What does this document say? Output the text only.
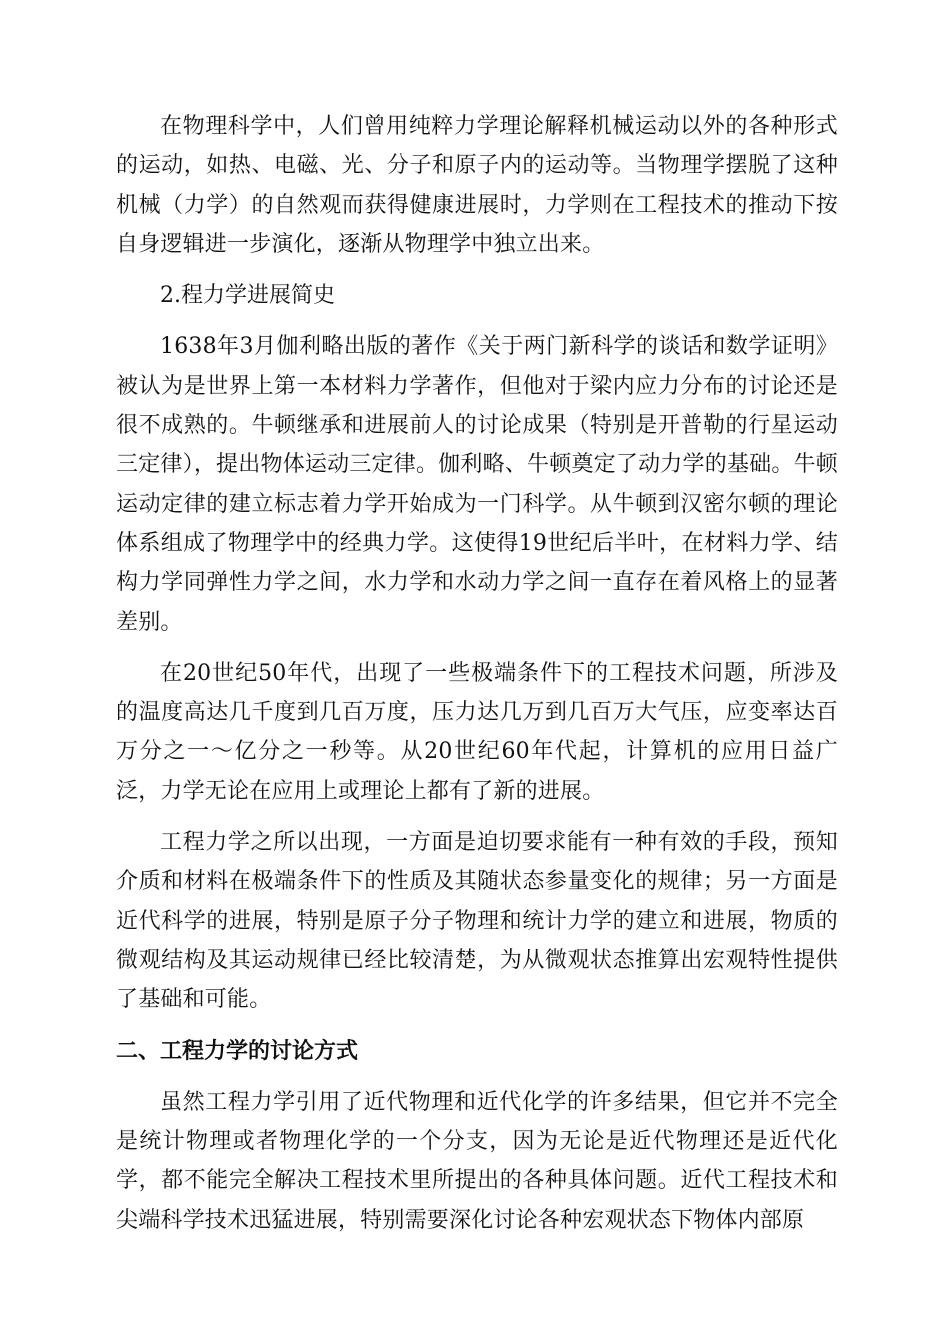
在物理科学中，人们曾用纯粹力学理论解释机械运动以外的各种形式的运动，如热、电磁、光、分子和原子内的运动等。当物理学摆脱了这种机械（力学）的自然观而获得健康进展时，力学则在工程技术的推动下按自身逻辑进一步演化，逐渐从物理学中独立出来。

2.程力学进展简史

1638年3月伽利略出版的著作《关于两门新科学的谈话和数学证明》被认为是世界上第一本材料力学著作，但他对于梁内应力分布的讨论还是很不成熟的。牛顿继承和进展前人的讨论成果（特别是开普勒的行星运动三定律），提出物体运动三定律。伽利略、牛顿奠定了动力学的基础。牛顿运动定律的建立标志着力学开始成为一门科学。从牛顿到汉密尔顿的理论体系组成了物理学中的经典力学。这使得19世纪后半叶，在材料力学、结构力学同弹性力学之间，水力学和水动力学之间一直存在着风格上的显著差别。

在20世纪50年代，出现了一些极端条件下的工程技术问题，所涉及的温度高达几千度到几百万度，压力达几万到几百万大气压，应变率达百万分之一～亿分之一秒等。从20世纪60年代起，计算机的应用日益广泛，力学无论在应用上或理论上都有了新的进展。

工程力学之所以出现，一方面是迫切要求能有一种有效的手段，预知介质和材料在极端条件下的性质及其随状态参量变化的规律；另一方面是近代科学的进展，特别是原子分子物理和统计力学的建立和进展，物质的微观结构及其运动规律已经比较清楚，为从微观状态推算出宏观特性提供了基础和可能。

二、工程力学的讨论方式

虽然工程力学引用了近代物理和近代化学的许多结果，但它并不完全是统计物理或者物理化学的一个分支，因为无论是近代物理还是近代化学，都不能完全解决工程技术里所提出的各种具体问题。近代工程技术和尖端科学技术迅猛进展，特别需要深化讨论各种宏观状态下物体内部原
